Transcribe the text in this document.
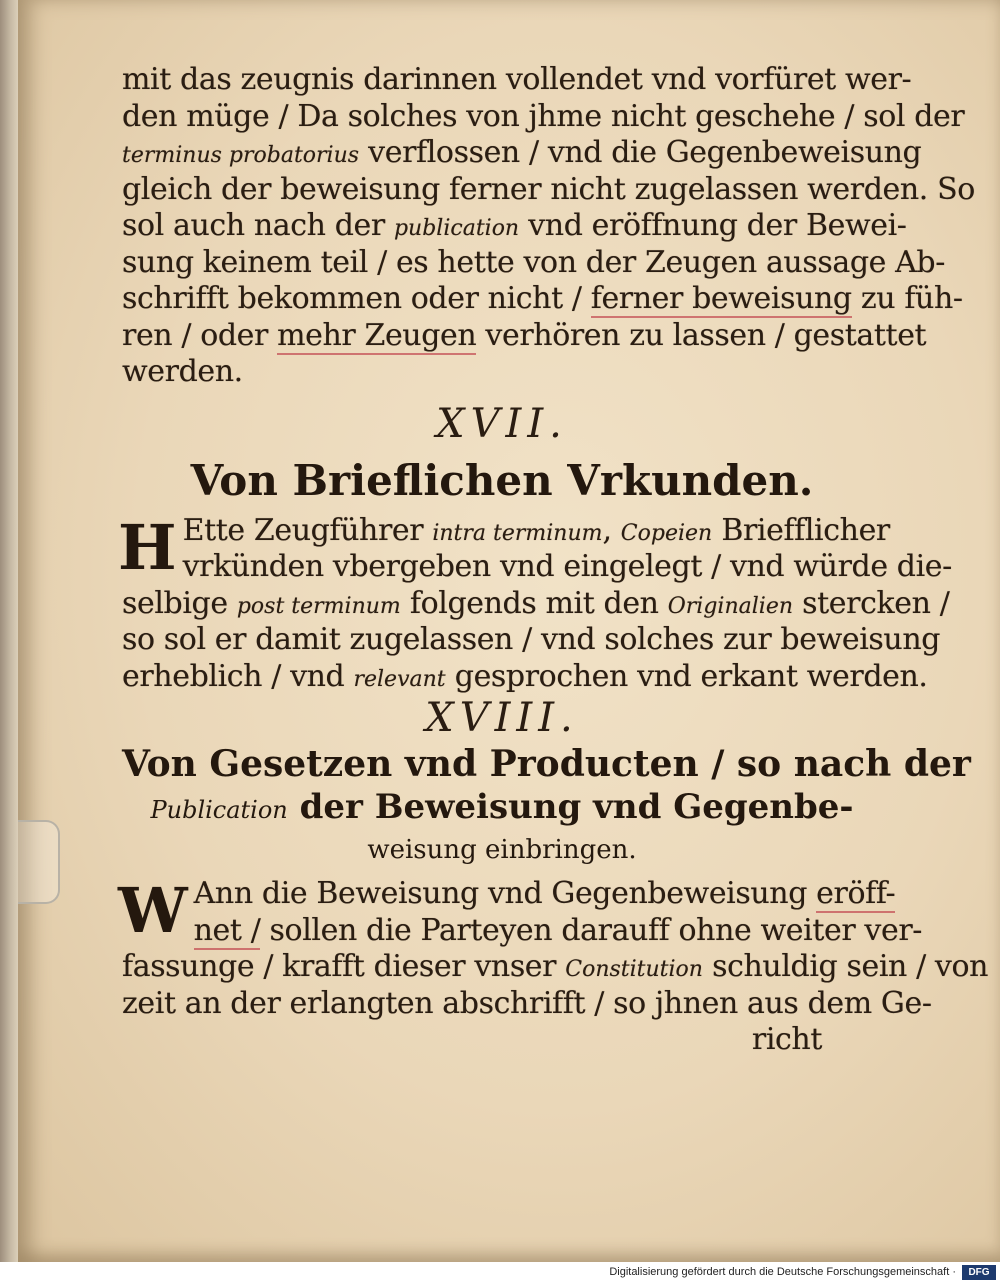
mit das zeugnis darinnen vollendet vnd vorfüret wer-
den müge / Da solches von jhme nicht geschehe / sol der
terminus probatorius verflossen / vnd die Gegenbeweisung
gleich der beweisung ferner nicht zugelassen werden. So
sol auch nach der publication vnd eröffnung der Bewei-
sung keinem teil / es hette von der Zeugen aussage Ab-
schrifft bekommen oder nicht / ferner beweisung zu füh-
ren / oder mehr Zeugen verhören zu lassen / gestattet
werden.
XVII.
Von Brieflichen Vrkunden.
H Ette Zeugführer intra terminum, Copeien Briefflicher
vrkünden vbergeben vnd eingelegt / vnd würde die-
selbige post terminum folgends mit den Originalien stercken /
so sol er damit zugelassen / vnd solches zur beweisung
erheblich / vnd relevant gesprochen vnd erkant werden.
XVIII.
Von Gesetzen vnd Producten / so nach der
Publication der Beweisung vnd Gegenbe-
weisung einbringen.
W Ann die Beweisung vnd Gegenbeweisung eröff-
net / sollen die Parteyen darauff ohne weiter ver-
fassunge / krafft dieser vnser Constitution schuldig sein / von
zeit an der erlangten abschrifft / so jhnen aus dem Ge-
richt
Digitalisierung gefördert durch die Deutsche Forschungsgemeinschaft ·	DFG
